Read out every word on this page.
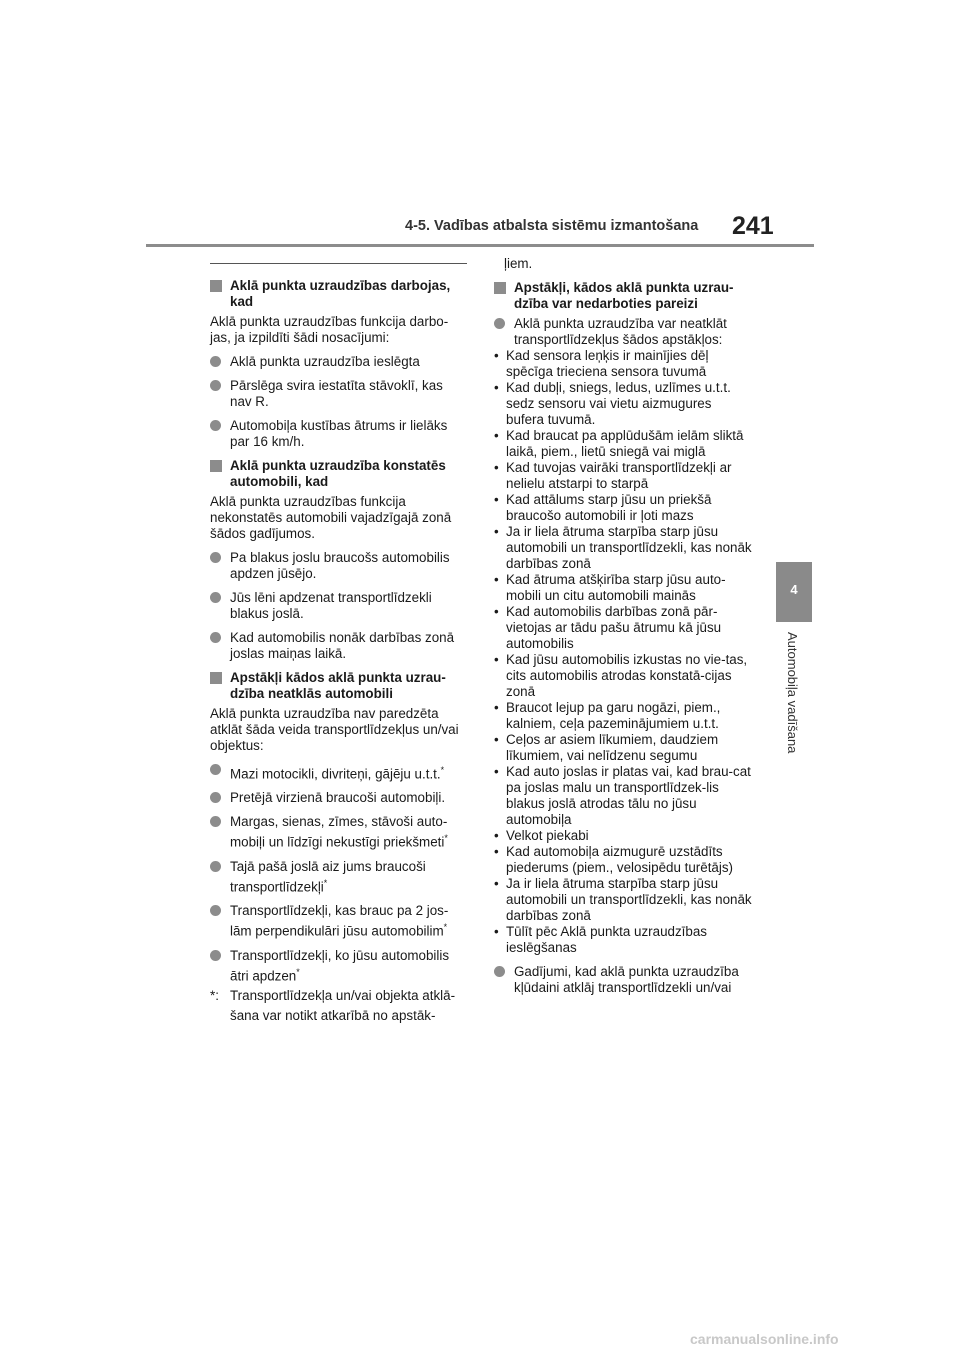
4-5. Vadības atbalsta sistēmu izmantošana 241
4
Automobiļa vadīšana
Aklā punkta uzraudzības darbojas, kad
Aklā punkta uzraudzības funkcija darbo-jas, ja izpildīti šādi nosacījumi:
Aklā punkta uzraudzība ieslēgta
Pārslēga svira iestatīta stāvoklī, kas nav R.
Automobiļa kustības ātrums ir lielāks par 16 km/h.
Aklā punkta uzraudzība konstatēs automobili, kad
Aklā punkta uzraudzības funkcija nekonstatēs automobili vajadzīgajā zonā šādos gadījumos.
Pa blakus joslu braucošs automobilis apdzen jūsējo.
Jūs lēni apdzenat transportlīdzekli blakus joslā.
Kad automobilis nonāk darbības zonā joslas maiņas laikā.
Apstākļi kādos aklā punkta uzrau-dzība neatklās automobili
Aklā punkta uzraudzība nav paredzēta atklāt šāda veida transportlīdzekļus un/vai objektus:
Mazi motocikli, divriteņi, gājēju u.t.t.*
Pretējā virzienā braucoši automobiļi.
Margas, sienas, zīmes, stāvoši auto-mobiļi un līdzīgi nekustīgi priekšmeti*
Tajā pašā joslā aiz jums braucoši transportlīdzekļi*
Transportlīdzekļi, kas brauc pa 2 jos-lām perpendikulāri jūsu automobilim*
Transportlīdzekļi, ko jūsu automobilis ātri apdzen*
*: Transportlīdzekļa un/vai objekta atklā-šana var notikt atkarībā no apstāk-
ļiem.
Apstākļi, kādos aklā punkta uzrau-dzība var nedarboties pareizi
Aklā punkta uzraudzība var neatklāt transportlīdzekļus šādos apstākļos:
• Kad sensora leņķis ir mainījies dēļ spēcīga trieciena sensora tuvumā
• Kad dubļi, sniegs, ledus, uzlīmes u.t.t. sedz sensoru vai vietu aizmugures bufera tuvumā.
• Kad braucat pa applūdušām ielām sliktā laikā, piem., lietū sniegā vai miglā
• Kad tuvojas vairāki transportlīdzekļi ar nelielu atstarpi to starpā
• Kad attālums starp jūsu un priekšā braucošo automobili ir ļoti mazs
• Ja ir liela ātruma starpība starp jūsu automobili un transportlīdzekli, kas nonāk darbības zonā
• Kad ātruma atšķirība starp jūsu auto-mobili un citu automobili mainās
• Kad automobilis darbības zonā pār-vietojas ar tādu pašu ātrumu kā jūsu automobilis
• Kad jūsu automobilis izkustas no vie-tas, cits automobilis atrodas konstatā-cijas zonā
• Braucot lejup pa garu nogāzi, piem., kalniem, ceļa pazeminājumiem u.t.t.
• Ceļos ar asiem līkumiem, daudziem līkumiem, vai nelīdzenu segumu
• Kad auto joslas ir platas vai, kad brau-cat pa joslas malu un transportlīdzek-lis blakus joslā atrodas tālu no jūsu automobiļa
• Velkot piekabi
• Kad automobiļa aizmugurē uzstādīts piederums (piem., velosipēdu turētājs)
• Ja ir liela ātruma starpība starp jūsu automobili un transportlīdzekli, kas nonāk darbības zonā
• Tūlīt pēc Aklā punkta uzraudzības ieslēgšanas
Gadījumi, kad aklā punkta uzraudzība kļūdaini atklāj transportlīdzekli un/vai
carmanualsonline.info
